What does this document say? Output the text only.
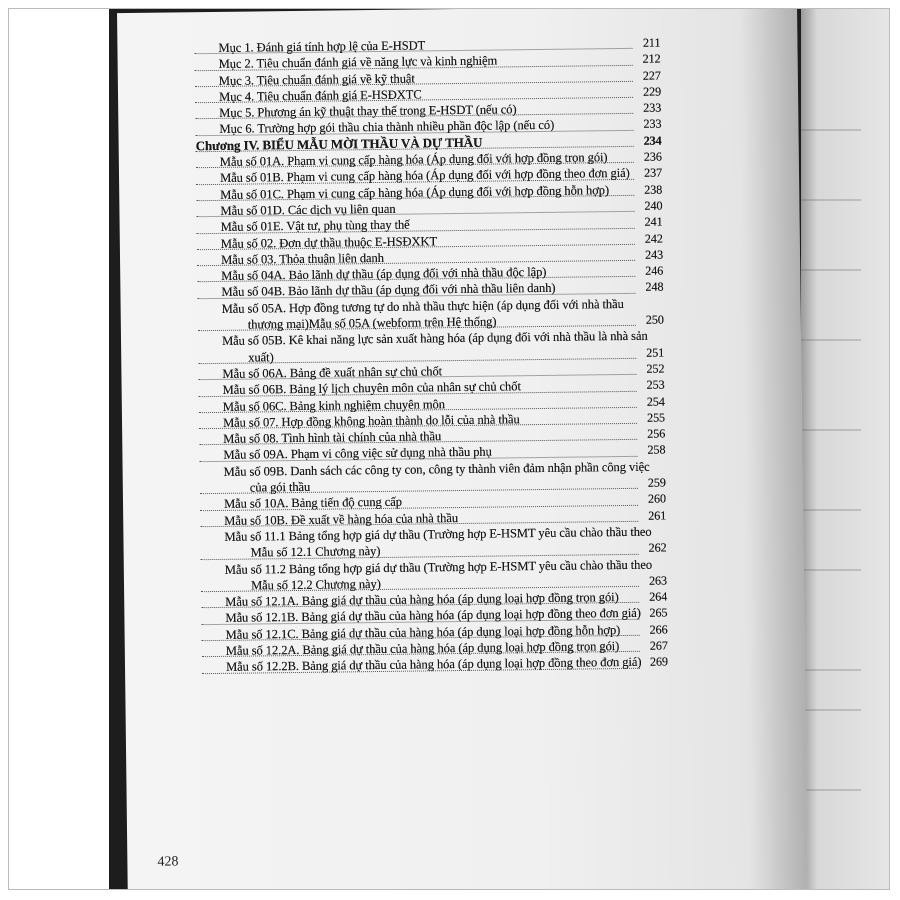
Mục 1. Đánh giá tính hợp lệ của E-HSDT	211
Mục 2. Tiêu chuẩn đánh giá về năng lực và kinh nghiệm	212
Mục 3. Tiêu chuẩn đánh giá về kỹ thuật	227
Mục 4. Tiêu chuẩn đánh giá E-HSĐXTC	229
Mục 5. Phương án kỹ thuật thay thế trong E-HSDT (nếu có)	233
Mục 6. Trường hợp gói thầu chia thành nhiều phần độc lập (nếu có)	233
Chương IV. BIỂU MẪU MỜI THẦU VÀ DỰ THẦU	234
Mẫu số 01A. Phạm vi cung cấp hàng hóa (Áp dụng đối với hợp đồng trọn gói)	236
Mẫu số 01B. Phạm vi cung cấp hàng hóa (Áp dụng đối với hợp đồng theo đơn giá)	237
Mẫu số 01C. Phạm vi cung cấp hàng hóa (Áp dụng đối với hợp đồng hỗn hợp)	238
Mẫu số 01D. Các dịch vụ liên quan	240
Mẫu số 01E. Vật tư, phụ tùng thay thế	241
Mẫu số 02. Đơn dự thầu thuộc E-HSĐXKT	242
Mẫu số 03. Thỏa thuận liên danh	243
Mẫu số 04A. Bảo lãnh dự thầu (áp dụng đối với nhà thầu độc lập)	246
Mẫu số 04B. Bảo lãnh dự thầu (áp dụng đối với nhà thầu liên danh)	248
Mẫu số 05A. Hợp đồng tương tự do nhà thầu thực hiện (áp dụng đối với nhà thầu thương mại)Mẫu số 05A (webform trên Hệ thống)	250
Mẫu số 05B. Kê khai năng lực sản xuất hàng hóa (áp dụng đối với nhà thầu là nhà sản xuất)	251
Mẫu số 06A. Bảng đề xuất nhân sự chủ chốt	252
Mẫu số 06B. Bảng lý lịch chuyên môn của nhân sự chủ chốt	253
Mẫu số 06C. Bảng kinh nghiệm chuyên môn	254
Mẫu số 07. Hợp đồng không hoàn thành do lỗi của nhà thầu	255
Mẫu số 08. Tình hình tài chính của nhà thầu	256
Mẫu số 09A. Phạm vi công việc sử dụng nhà thầu phụ	258
Mẫu số 09B. Danh sách các công ty con, công ty thành viên đảm nhận phần công việc của gói thầu	259
Mẫu số 10A. Bảng tiến độ cung cấp	260
Mẫu số 10B. Đề xuất về hàng hóa của nhà thầu	261
Mẫu số 11.1 Bảng tổng hợp giá dự thầu (Trường hợp E-HSMT yêu cầu chào thầu theo Mẫu số 12.1 Chương này)	262
Mẫu số 11.2 Bảng tổng hợp giá dự thầu (Trường hợp E-HSMT yêu cầu chào thầu theo Mẫu số 12.2 Chương này)	263
Mẫu số 12.1A. Bảng giá dự thầu của hàng hóa (áp dụng loại hợp đồng trọn gói)	264
Mẫu số 12.1B. Bảng giá dự thầu của hàng hóa (áp dụng loại hợp đồng theo đơn giá) 265
Mẫu số 12.1C. Bảng giá dự thầu của hàng hóa (áp dụng loại hợp đồng hỗn hợp)	266
Mẫu số 12.2A. Bảng giá dự thầu của hàng hóa (áp dụng loại hợp đồng trọn gói)	267
Mẫu số 12.2B. Bảng giá dự thầu của hàng hóa (áp dụng loại hợp đồng theo đơn giá) 269
428
